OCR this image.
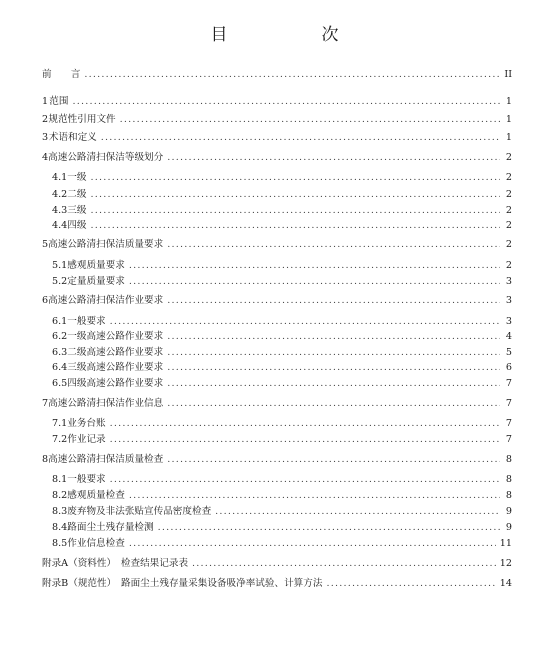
目　　次
前　　言 .....	II
1 范围 .....	1
2 规范性引用文件 .....	1
3 术语和定义 .....	1
4 高速公路清扫保洁等级划分 .....	2
4.1 一级 .....	2
4.2 二级 .....	2
4.3 三级 .....	2
4.4 四级 .....	2
5 高速公路清扫保洁质量要求 .....	2
5.1 感观质量要求 .....	2
5.2 定量质量要求 .....	3
6 高速公路清扫保洁作业要求 .....	3
6.1 一般要求 .....	3
6.2 一级高速公路作业要求 .....	4
6.3 二级高速公路作业要求 .....	5
6.4 三级高速公路作业要求 .....	6
6.5 四级高速公路作业要求 .....	7
7 高速公路清扫保洁作业信息 .....	7
7.1 业务台账 .....	7
7.2 作业记录 .....	7
8 高速公路清扫保洁质量检查 .....	8
8.1 一般要求 .....	8
8.2 感观质量检查 .....	8
8.3 废弃物及非法张贴宣传品密度检查 .....	9
8.4 路面尘土残存量检测 .....	9
8.5 作业信息检查 .....	11
附录A（资料性）　检查结果记录表 .....	12
附录B（规范性）　路面尘土残存量采集设备吸净率试验、计算方法 .....	14
